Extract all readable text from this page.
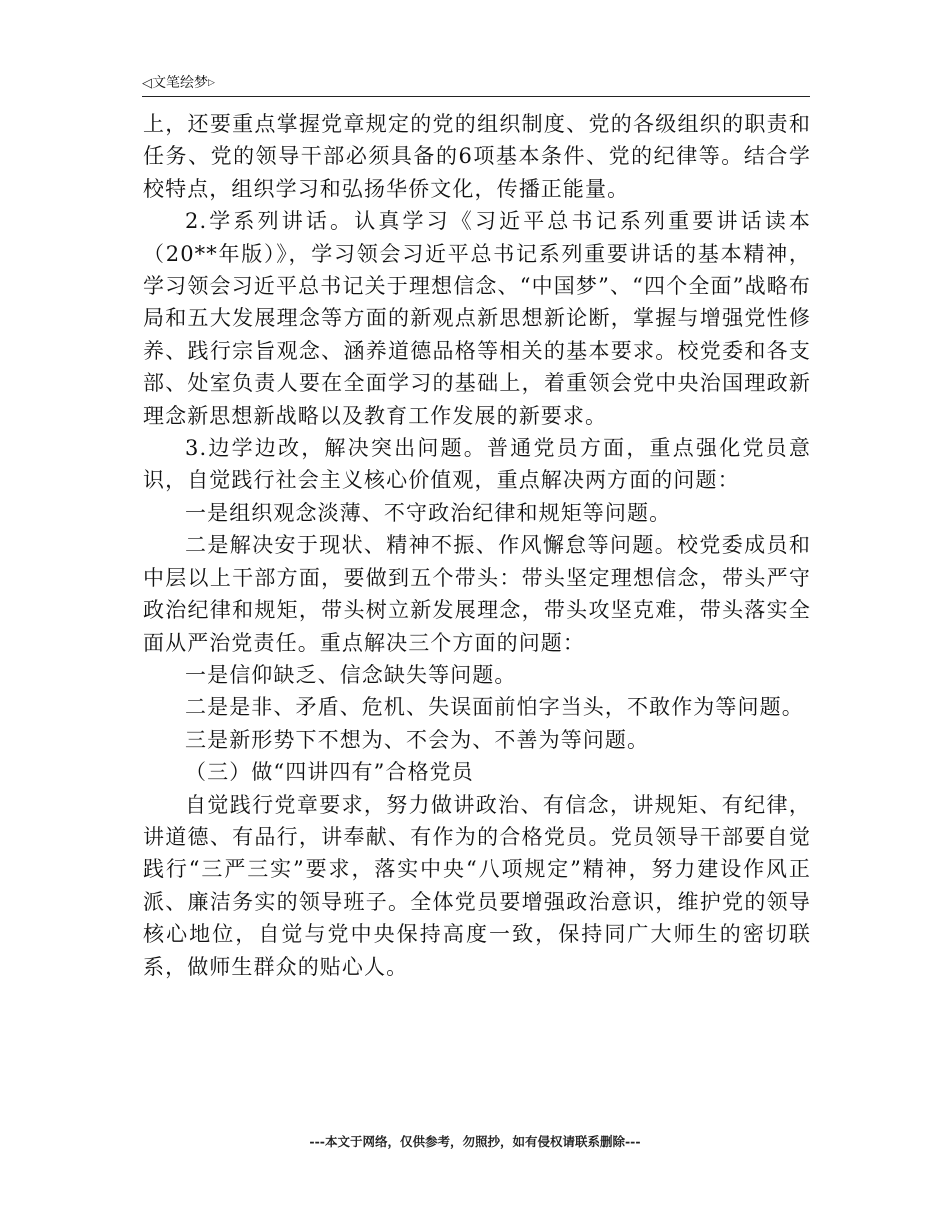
◁文笔绘梦▷

上，还要重点掌握党章规定的党的组织制度、党的各级组织的职责和任务、党的领导干部必须具备的6项基本条件、党的纪律等。结合学校特点，组织学习和弘扬华侨文化，传播正能量。

2.学系列讲话。认真学习《习近平总书记系列重要讲话读本（20**年版）》，学习领会习近平总书记系列重要讲话的基本精神，学习领会习近平总书记关于理想信念、“中国梦”、“四个全面”战略布局和五大发展理念等方面的新观点新思想新论断，掌握与增强党性修养、践行宗旨观念、涵养道德品格等相关的基本要求。校党委和各支部、处室负责人要在全面学习的基础上，着重领会党中央治国理政新理念新思想新战略以及教育工作发展的新要求。

3.边学边改，解决突出问题。普通党员方面，重点强化党员意识，自觉践行社会主义核心价值观，重点解决两方面的问题：

一是组织观念淡薄、不守政治纪律和规矩等问题。

二是解决安于现状、精神不振、作风懈怠等问题。校党委成员和中层以上干部方面，要做到五个带头：带头坚定理想信念，带头严守政治纪律和规矩，带头树立新发展理念，带头攻坚克难，带头落实全面从严治党责任。重点解决三个方面的问题：

一是信仰缺乏、信念缺失等问题。

二是是非、矛盾、危机、失误面前怕字当头，不敢作为等问题。

三是新形势下不想为、不会为、不善为等问题。

（三）做“四讲四有”合格党员

自觉践行党章要求，努力做讲政治、有信念，讲规矩、有纪律，讲道德、有品行，讲奉献、有作为的合格党员。党员领导干部要自觉践行“三严三实”要求，落实中央“八项规定”精神，努力建设作风正派、廉洁务实的领导班子。全体党员要增强政治意识，维护党的领导核心地位，自觉与党中央保持高度一致，保持同广大师生的密切联系，做师生群众的贴心人。

---本文于网络，仅供参考，勿照抄，如有侵权请联系删除---
